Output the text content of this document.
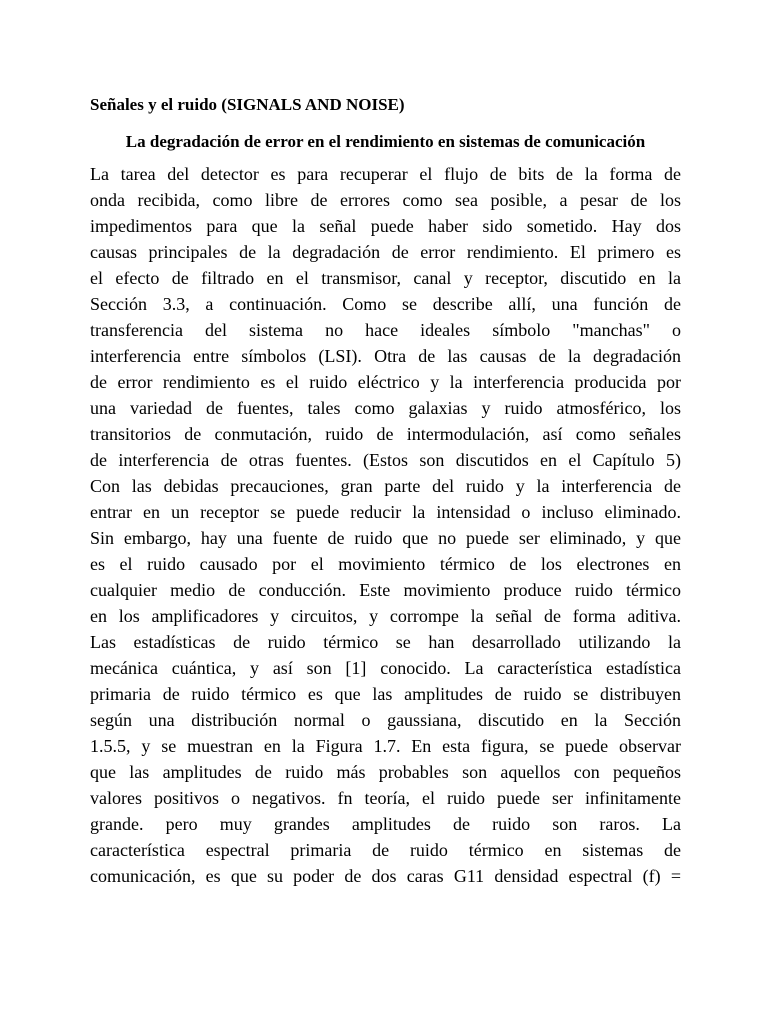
Señales y el ruido (SIGNALS AND NOISE)
La degradación de error en el rendimiento en sistemas de comunicación
La tarea del detector es para recuperar el flujo de bits de la forma de
onda recibida, como libre de errores como sea posible, a pesar de los
impedimentos para que la señal puede haber sido sometido. Hay dos
causas principales de la degradación de error rendimiento. El primero es
el efecto de filtrado en el transmisor, canal y receptor, discutido en la
Sección 3.3, a continuación. Como se describe allí, una función de
transferencia del sistema no hace ideales símbolo "manchas" o
interferencia entre símbolos (LSI). Otra de las causas de la degradación
de error rendimiento es el ruido eléctrico y la interferencia producida por
una variedad de fuentes, tales como galaxias y ruido atmosférico, los
transitorios de conmutación, ruido de intermodulación, así como señales
de interferencia de otras fuentes. (Estos son discutidos en el Capítulo 5)
Con las debidas precauciones, gran parte del ruido y la interferencia de
entrar en un receptor se puede reducir la intensidad o incluso eliminado.
Sin embargo, hay una fuente de ruido que no puede ser eliminado, y que
es el ruido causado por el movimiento térmico de los electrones en
cualquier medio de conducción. Este movimiento produce ruido térmico
en los amplificadores y circuitos, y corrompe la señal de forma aditiva.
Las estadísticas de ruido térmico se han desarrollado utilizando la
mecánica cuántica, y así son [1] conocido. La característica estadística
primaria de ruido térmico es que las amplitudes de ruido se distribuyen
según una distribución normal o gaussiana, discutido en la Sección
1.5.5, y se muestran en la Figura 1.7. En esta figura, se puede observar
que las amplitudes de ruido más probables son aquellos con pequeños
valores positivos o negativos. fn teoría, el ruido puede ser infinitamente
grande. pero muy grandes amplitudes de ruido son raros. La
característica espectral primaria de ruido térmico en sistemas de
comunicación, es que su poder de dos caras G11 densidad espectral (f) =
